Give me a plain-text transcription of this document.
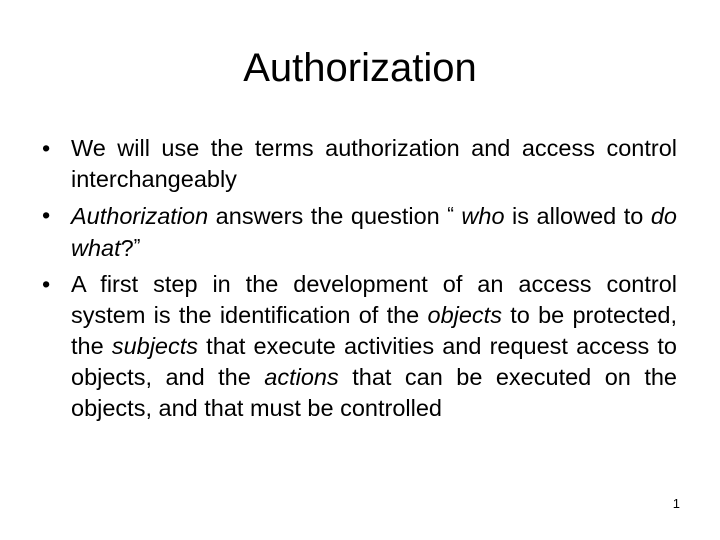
Authorization
• We will use the terms authorization and access control interchangeably
• Authorization answers the question “ who is allowed to do what?”
• A first step in the development of an access control system is the identification of the objects to be protected, the subjects that execute activities and request access to objects, and the actions that can be executed on the objects, and that must be controlled
1
